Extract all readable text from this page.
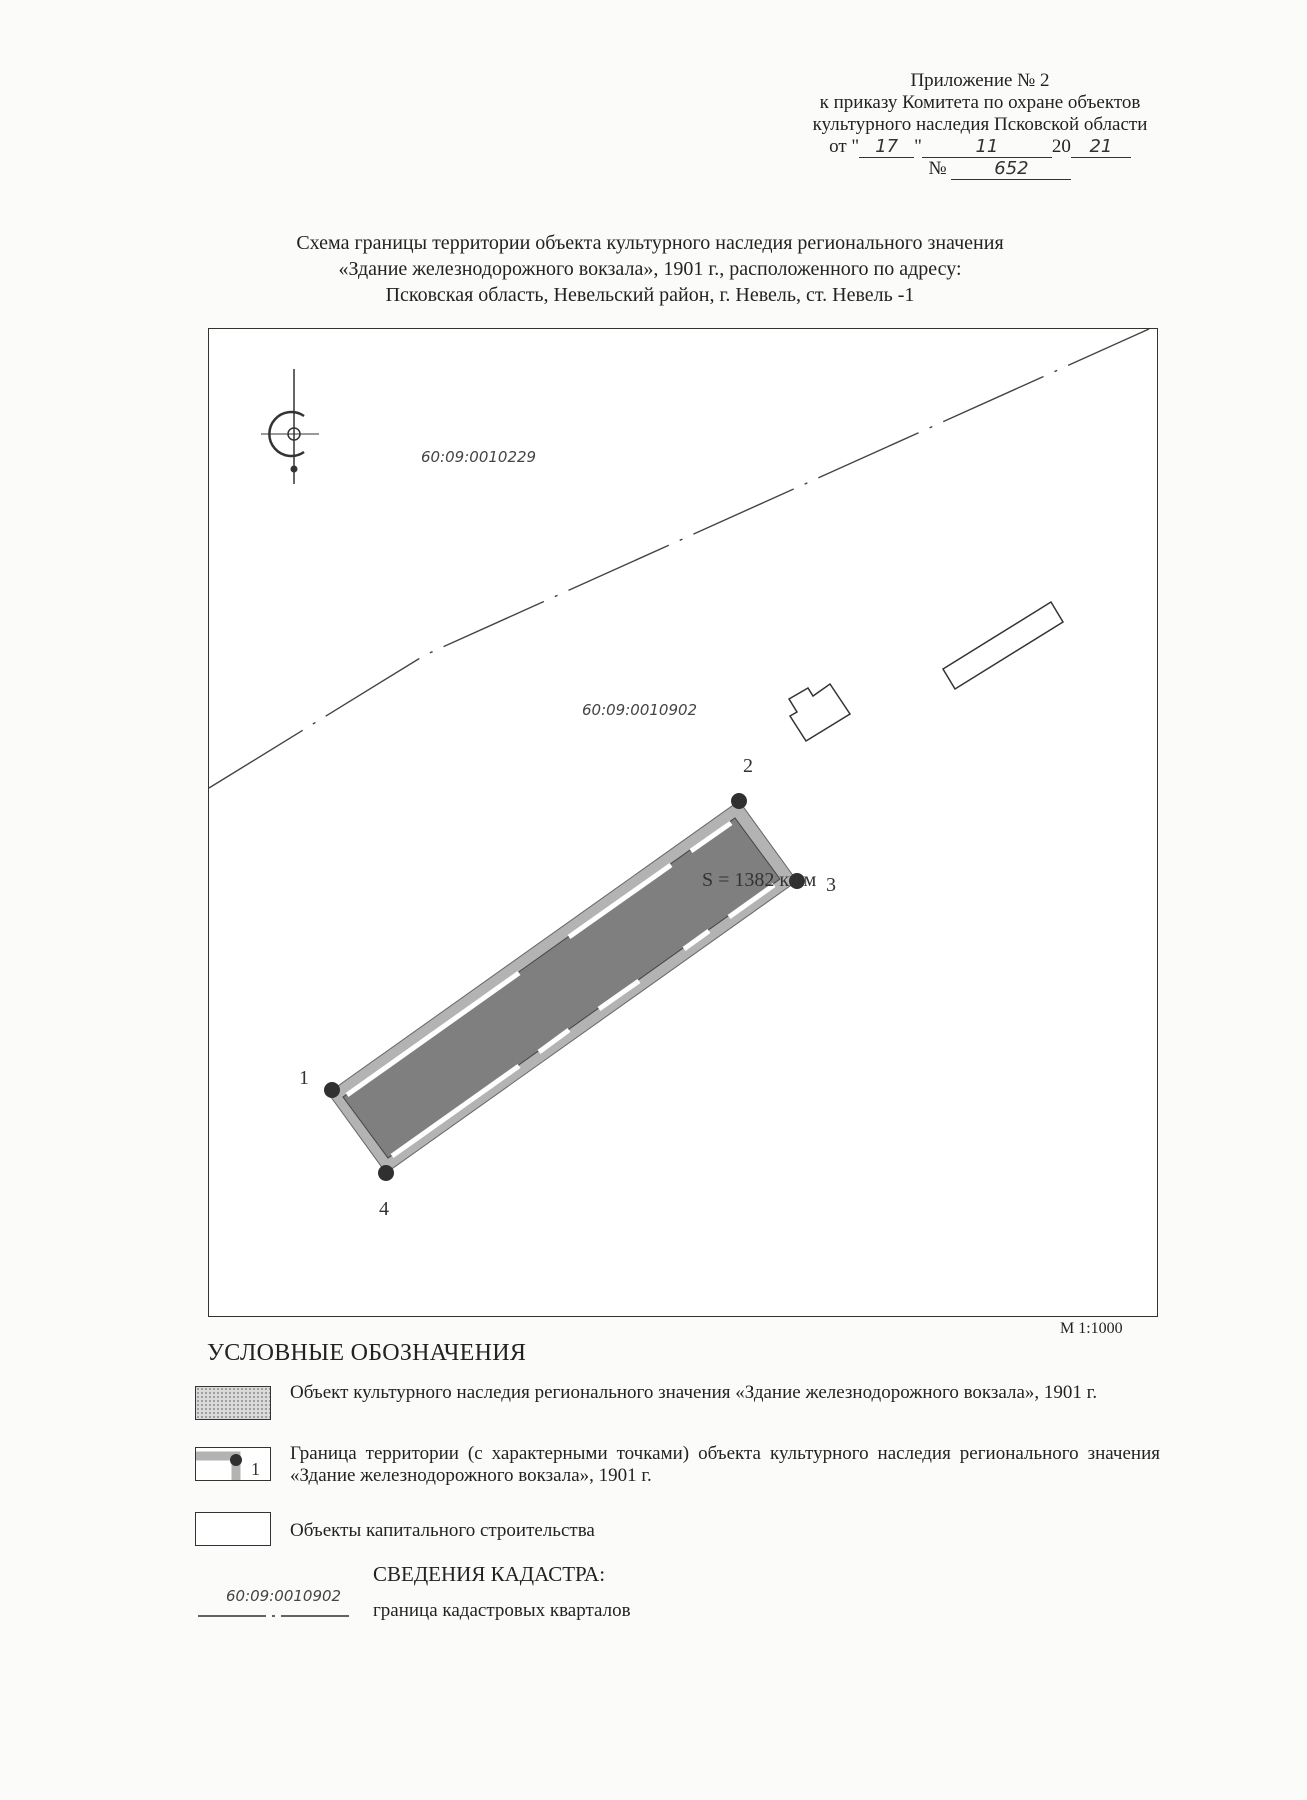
Приложение № 2
к приказу Комитета по охране объектов
культурного наследия Псковской области
от " 17 "	11	20 21
№	652
Схема границы территории объекта культурного наследия регионального значения
«Здание железнодорожного вокзала», 1901 г., расположенного по адресу:
Псковская область, Невельский район, г. Невель, ст. Невель -1
60:09:0010229
60:09:0010902
1
2
3
4
S = 1382 кв.м
М 1:1000
УСЛОВНЫЕ ОБОЗНАЧЕНИЯ
Объект культурного наследия регионального значения «Здание железнодорожного вокзала», 1901 г.
1
Граница территории (с характерными точками) объекта культурного наследия регионального значения «Здание железнодорожного вокзала», 1901 г.
Объекты капитального строительства
СВЕДЕНИЯ КАДАСТРА:
60:09:0010902
граница кадастровых кварталов
